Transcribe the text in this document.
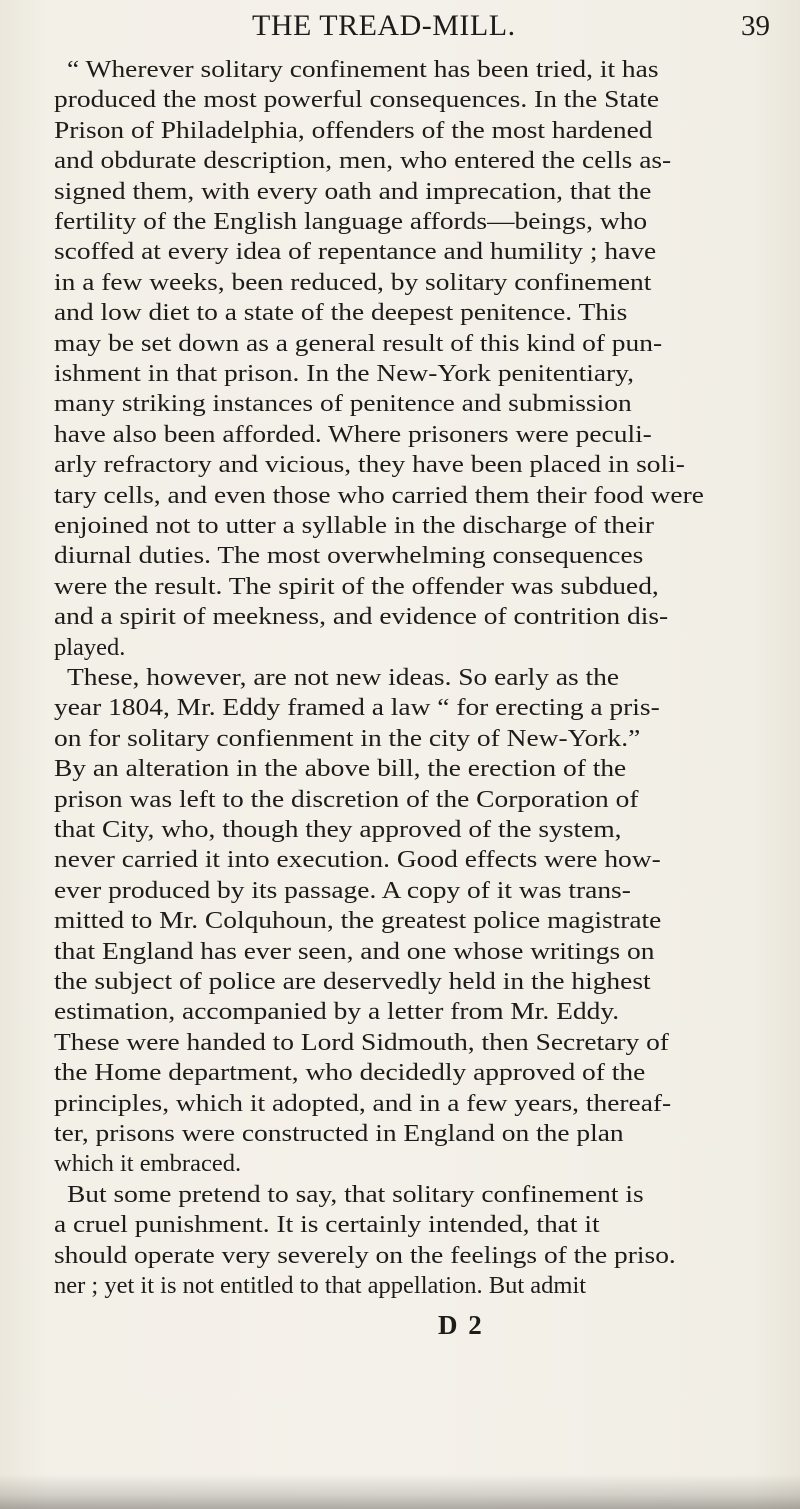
THE TREAD-MILL.	39
“ Wherever solitary confinement has been tried, it has
produced the most powerful consequences. In the State
Prison of Philadelphia, offenders of the most hardened
and obdurate description, men, who entered the cells as-
signed them, with every oath and imprecation, that the
fertility of the English language affords—beings, who
scoffed at every idea of repentance and humility ; have
in a few weeks, been reduced, by solitary confinement
and low diet to a state of the deepest penitence. This
may be set down as a general result of this kind of pun-
ishment in that prison. In the New-York penitentiary,
many striking instances of penitence and submission
have also been afforded. Where prisoners were peculi-
arly refractory and vicious, they have been placed in soli-
tary cells, and even those who carried them their food were
enjoined not to utter a syllable in the discharge of their
diurnal duties. The most overwhelming consequences
were the result. The spirit of the offender was subdued,
and a spirit of meekness, and evidence of contrition dis-
played.
These, however, are not new ideas. So early as the
year 1804, Mr. Eddy framed a law “ for erecting a pris-
on for solitary confienment in the city of New-York.”
By an alteration in the above bill, the erection of the
prison was left to the discretion of the Corporation of
that City, who, though they approved of the system,
never carried it into execution. Good effects were how-
ever produced by its passage. A copy of it was trans-
mitted to Mr. Colquhoun, the greatest police magistrate
that England has ever seen, and one whose writings on
the subject of police are deservedly held in the highest
estimation, accompanied by a letter from Mr. Eddy.
These were handed to Lord Sidmouth, then Secretary of
the Home department, who decidedly approved of the
principles, which it adopted, and in a few years, thereaf-
ter, prisons were constructed in England on the plan
which it embraced.
But some pretend to say, that solitary confinement is
a cruel punishment. It is certainly intended, that it
should operate very severely on the feelings of the priso.
ner ; yet it is not entitled to that appellation. But admit
D 2
